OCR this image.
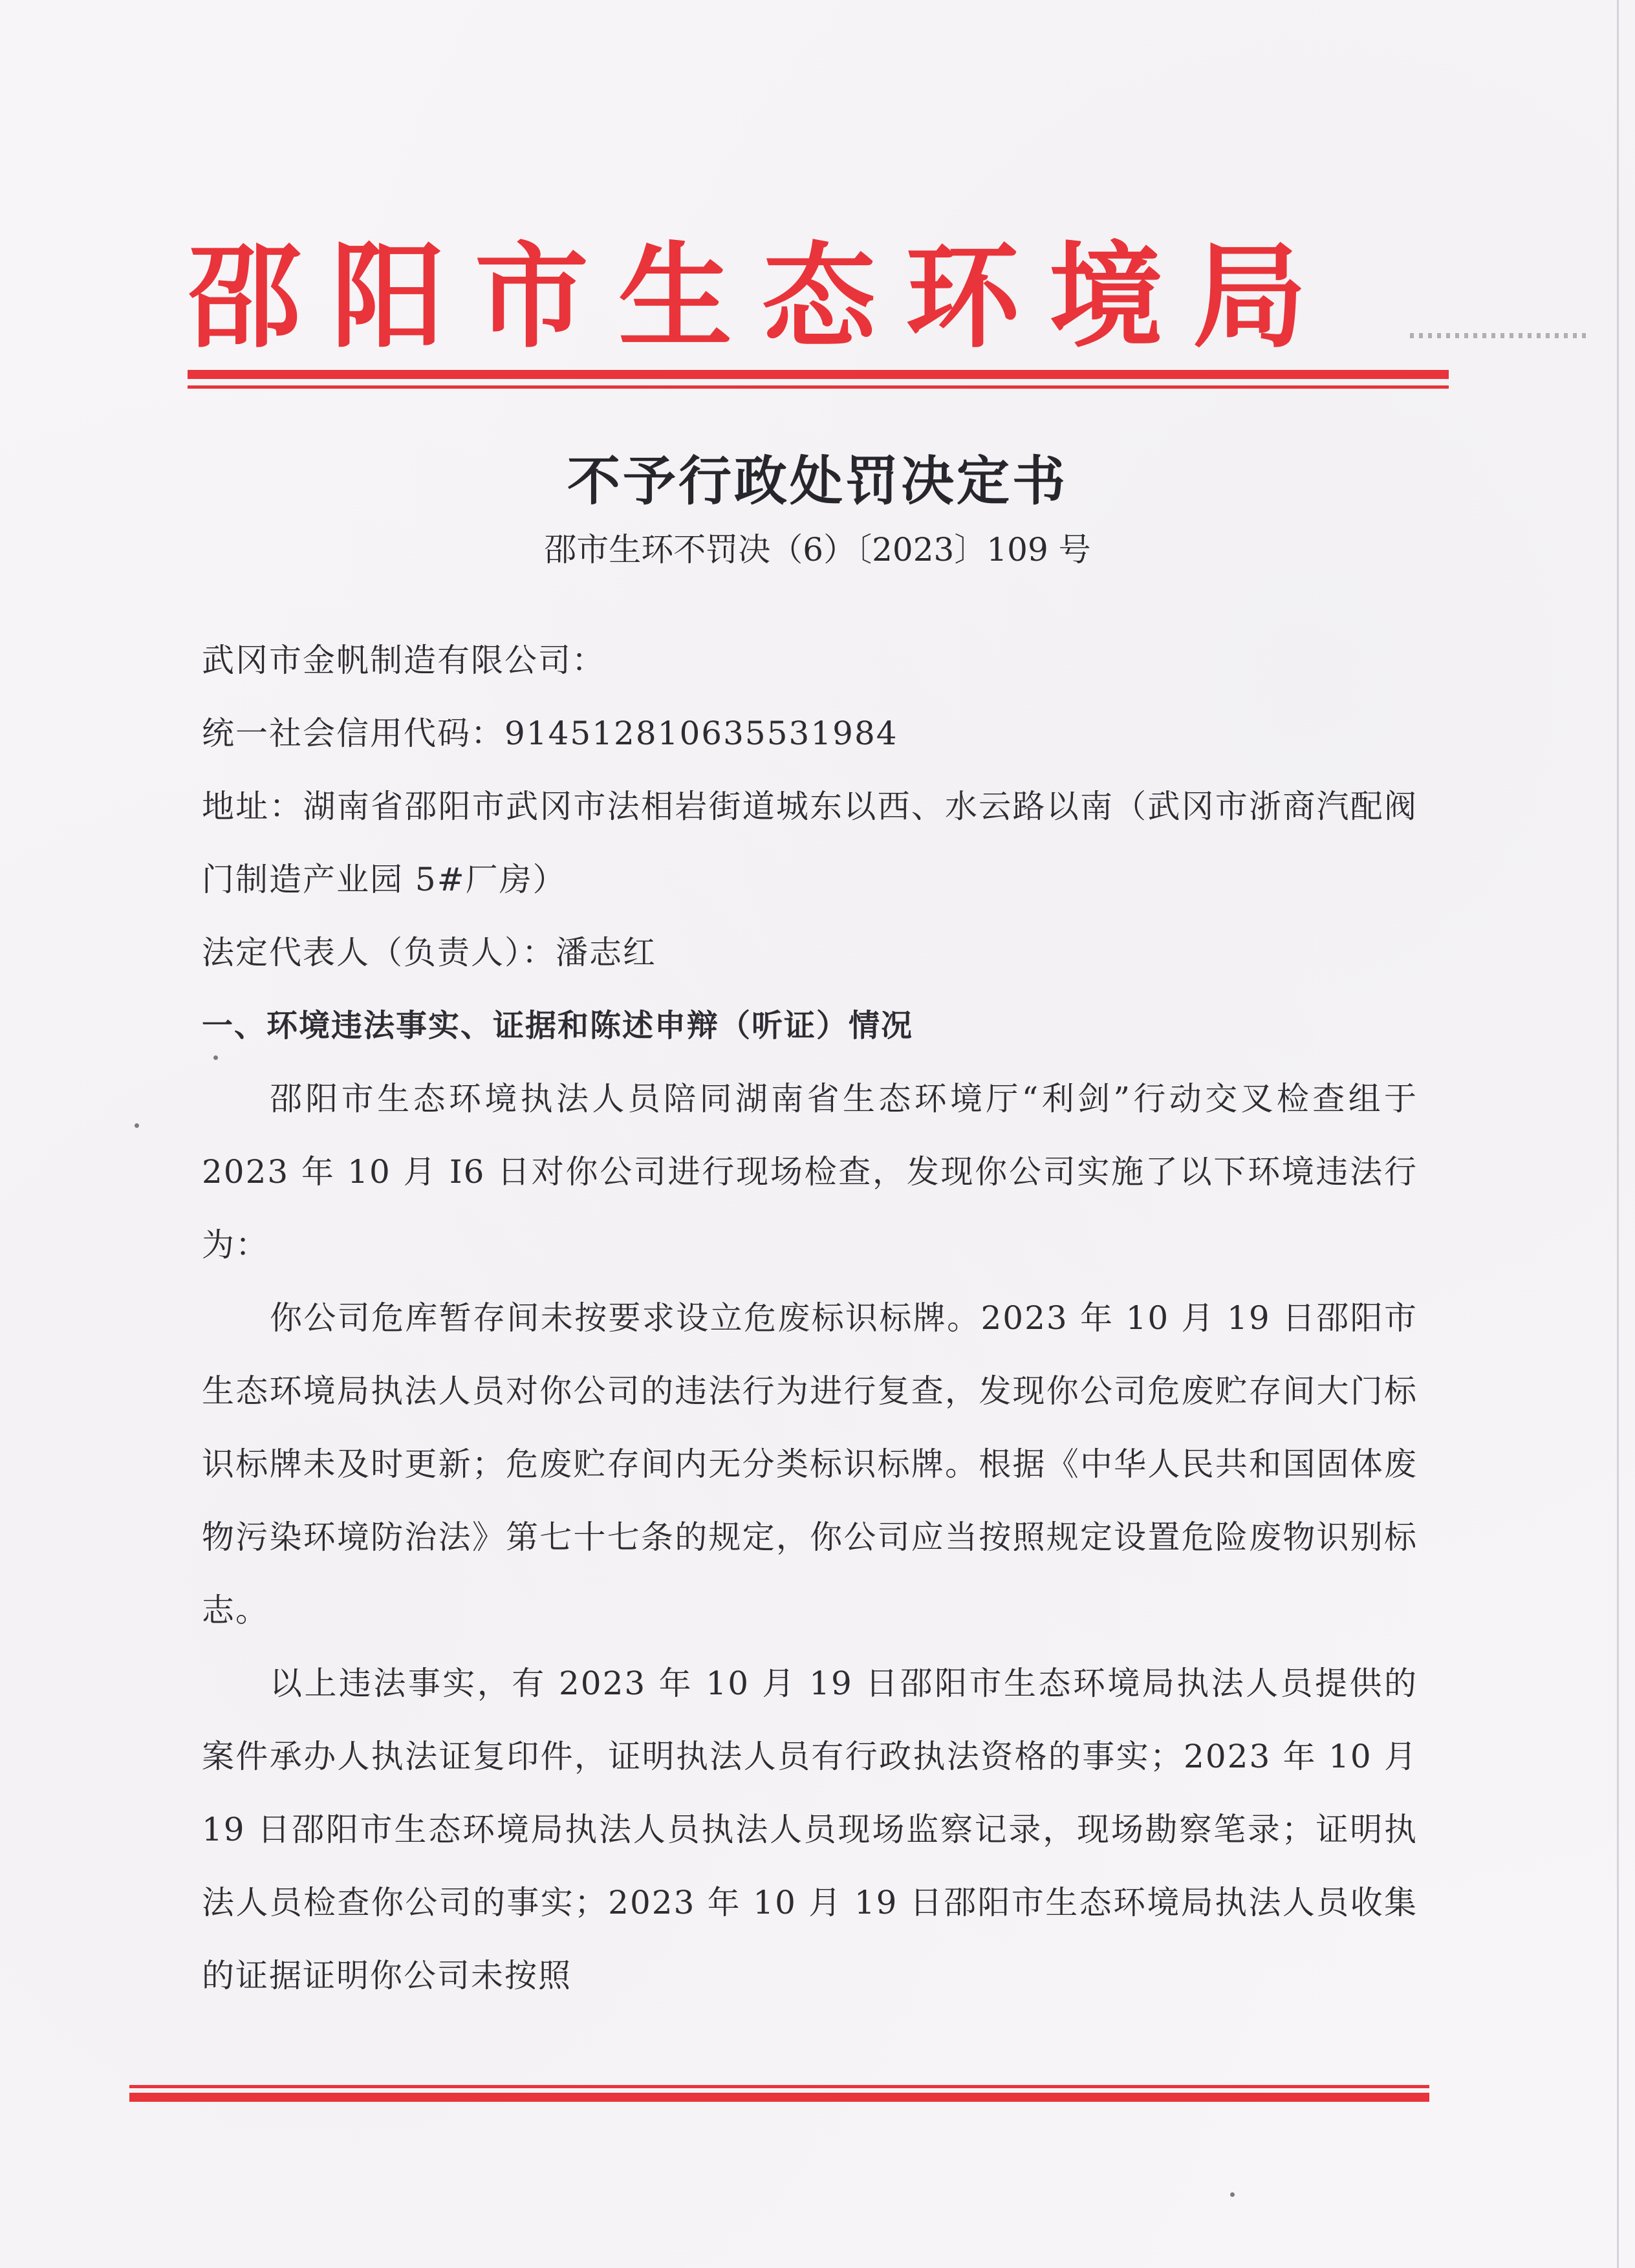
邵阳市生态环境局
不予行政处罚决定书

邵市生环不罚决（6）〔2023〕109 号

武冈市金帆制造有限公司：

统一社会信用代码：914512810635531984

地址：湖南省邵阳市武冈市法相岩街道城东以西、水云路以南（武冈市浙商汽配阀门制造产业园 5#厂房）

法定代表人（负责人）：潘志红

一、环境违法事实、证据和陈述申辩（听证）情况

邵阳市生态环境执法人员陪同湖南省生态环境厅“利剑”行动交叉检查组于 2023 年 10 月 I6 日对你公司进行现场检查，发现你公司实施了以下环境违法行为：

你公司危库暂存间未按要求设立危废标识标牌。2023 年 10 月 19 日邵阳市生态环境局执法人员对你公司的违法行为进行复查，发现你公司危废贮存间大门标识标牌未及时更新；危废贮存间内无分类标识标牌。根据《中华人民共和国固体废物污染环境防治法》第七十七条的规定，你公司应当按照规定设置危险废物识别标志。

以上违法事实，有 2023 年 10 月 19 日邵阳市生态环境局执法人员提供的案件承办人执法证复印件，证明执法人员有行政执法资格的事实；2023 年 10 月 19 日邵阳市生态环境局执法人员执法人员现场监察记录，现场勘察笔录；证明执法人员检查你公司的事实；2023 年 10 月 19 日邵阳市生态环境局执法人员收集的证据证明你公司未按照
